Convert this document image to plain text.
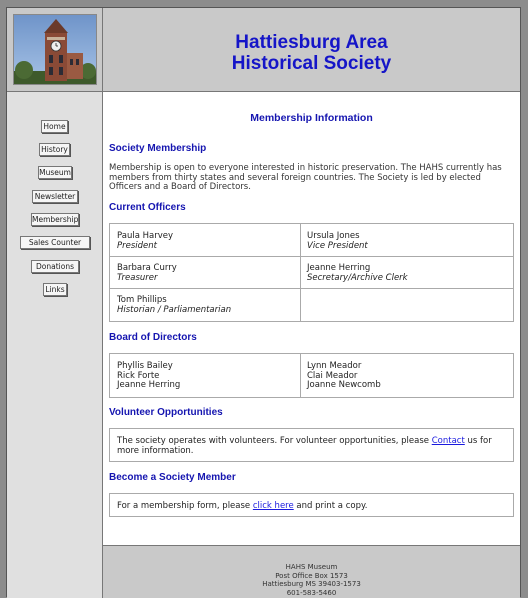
Hattiesburg Area
Historical Society
Home
History
Museum
Newsletter
Membership
Sales Counter
Donations
Links
Membership Information
Society Membership
Membership is open to everyone interested in historic preservation. The HAHS currently has members from thirty states and several foreign countries. The Society is led by elected Officers and a Board of Directors.
Current Officers
Paula Harvey
President
Ursula Jones
Vice President
Barbara Curry
Treasurer
Jeanne Herring
Secretary/Archive Clerk
Tom Phillips
Historian / Parliamentarian
Board of Directors
Phyllis Bailey
Rick Forte
Jeanne Herring
Lynn Meador
Clai Meador
Joanne Newcomb
Volunteer Opportunities
The society operates with volunteers. For volunteer opportunities, please Contact us for more information.
Become a Society Member
For a membership form, please click here and print a copy.
HAHS Museum
Post Office Box 1573
Hattiesburg MS 39403-1573
601-583-5460
